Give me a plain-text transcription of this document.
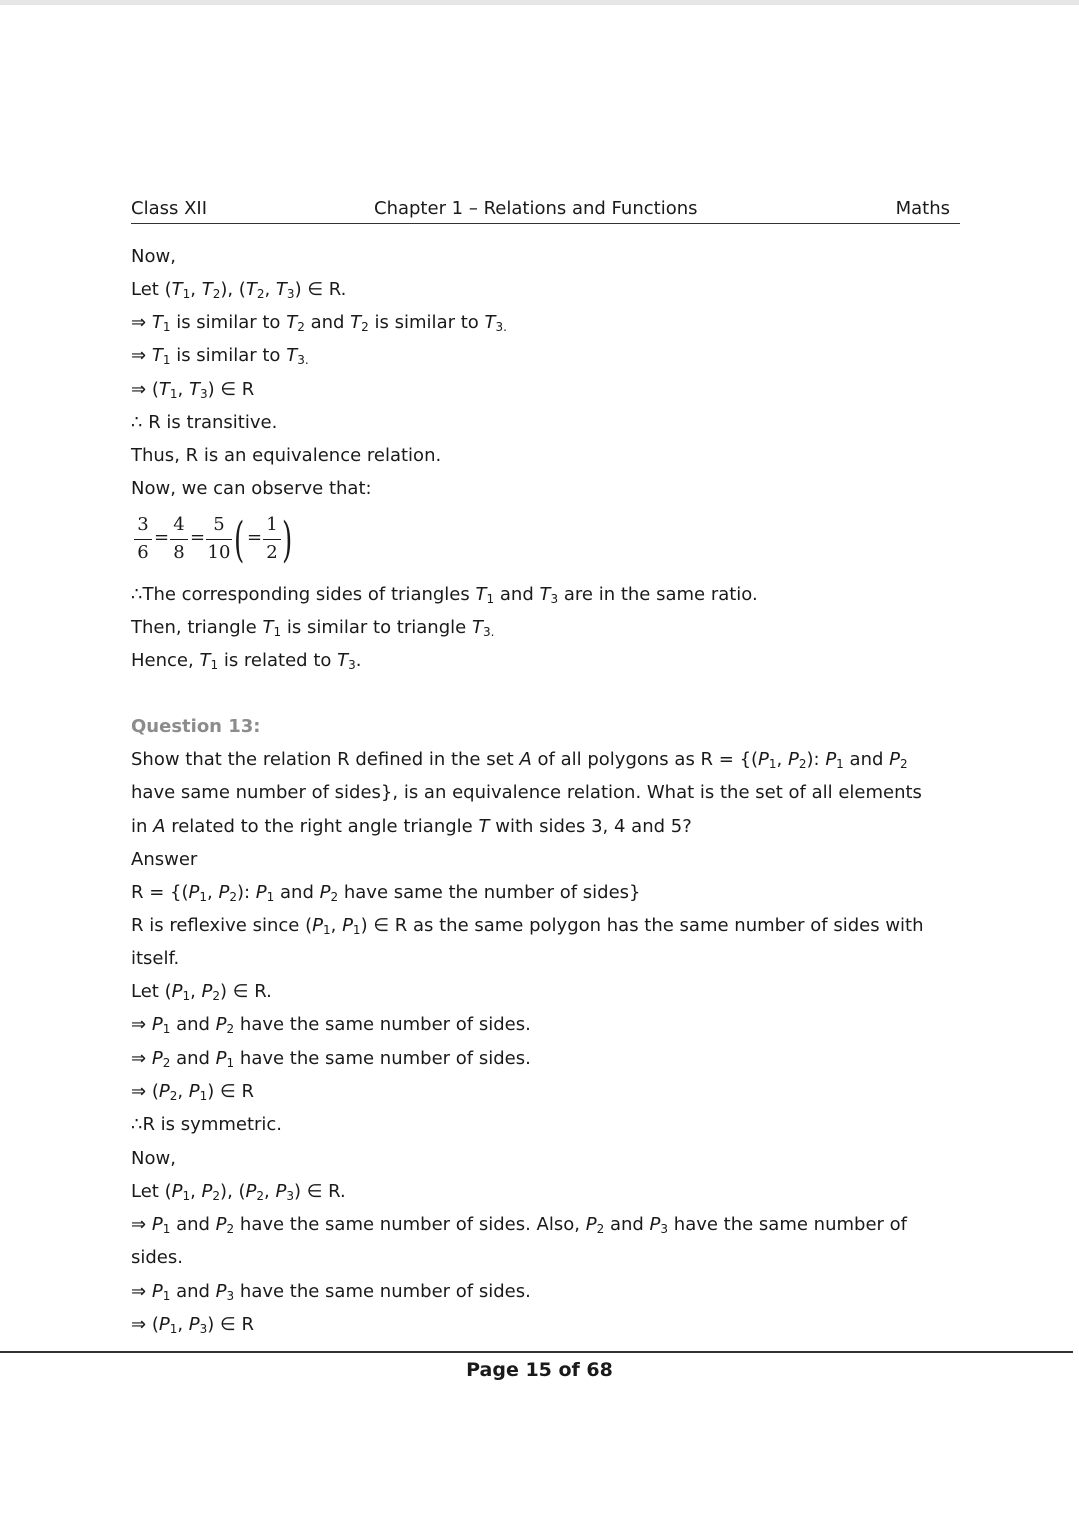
Class XII	Chapter 1 – Relations and Functions	Maths
Now,
Let ($T_1$, $T_2$), ($T_2$, $T_3$) ∈ R.
⇒ $T_1$ is similar to $T_2$ and $T_2$ is similar to $T_{3.}$
⇒ $T_1$ is similar to $T_{3.}$
⇒ ($T_1$, $T_3$) ∈ R
∴ R is transitive.
Thus, R is an equivalence relation.
Now, we can observe that:
3
6
=
4
8
=
5
10 ( =
1
2 )
∴The corresponding sides of triangles $T_1$ and $T_3$ are in the same ratio.
Then, triangle $T_1$ is similar to triangle $T_{3.}$
Hence, $T_1$ is related to $T_3$.
Question 13:
Show that the relation R defined in the set A of all polygons as $R = \{(P_1$, $P_2$): $P_1$ and $P_2$
have same number of sides}, is an equivalence relation. What is the set of all elements
in A related to the right angle triangle T with sides 3, 4 and 5?
Answer
$R = \{(P_1$, $P_2$): $P_1$ and $P_2$ have same the number of sides}
R is reflexive since ($P_1$, $P_1$) ∈ R as the same polygon has the same number of sides with
itself.
Let ($P_1$, $P_2$) ∈ R.
⇒ $P_1$ and $P_2$ have the same number of sides.
⇒ $P_2$ and $P_1$ have the same number of sides.
⇒ ($P_2$, $P_1$) ∈ R
∴R is symmetric.
Now,
Let ($P_1$, $P_2$), ($P_2$, $P_3$) ∈ R.
⇒ $P_1$ and $P_2$ have the same number of sides. Also, $P_2$ and $P_3$ have the same number of
sides.
⇒ $P_1$ and $P_3$ have the same number of sides.
⇒ ($P_1$, $P_3$) ∈ R
Page 15 of 68
